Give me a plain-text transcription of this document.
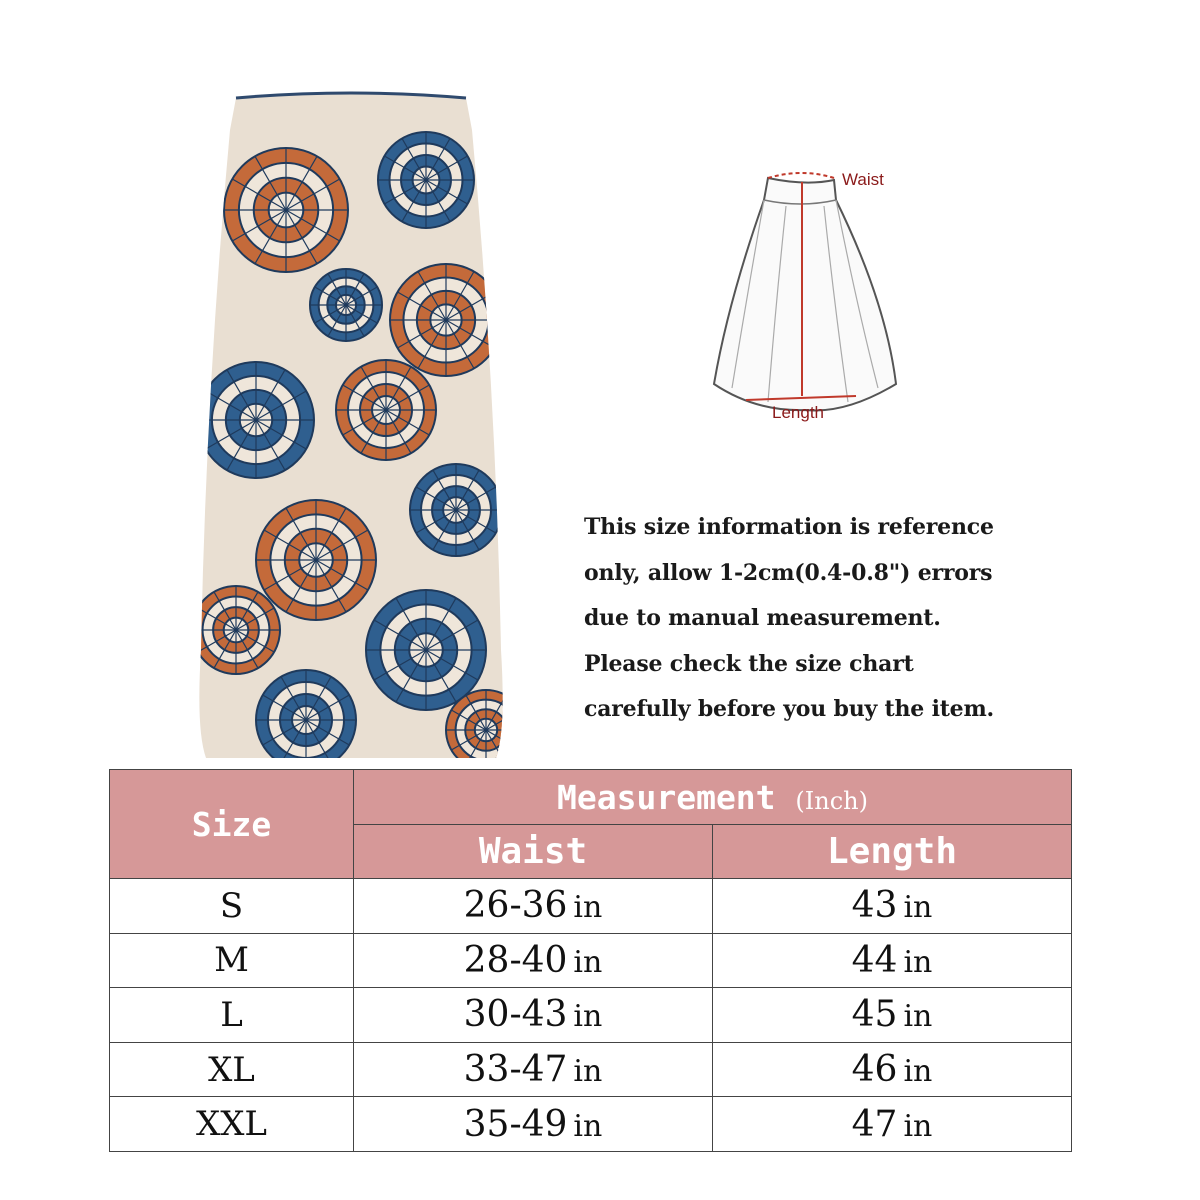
Waist
Length
This size information is reference
only, allow 1-2cm(0.4-0.8") errors
due to manual measurement.
Please check the size chart
carefully before you buy the item.
Size	Measurement (Inch)	
	Waist	Length
S	26-36 in	43 in
M	28-40 in	44 in
L	30-43 in	45 in
XL	33-47 in	46 in
XXL	35-49 in	47 in
